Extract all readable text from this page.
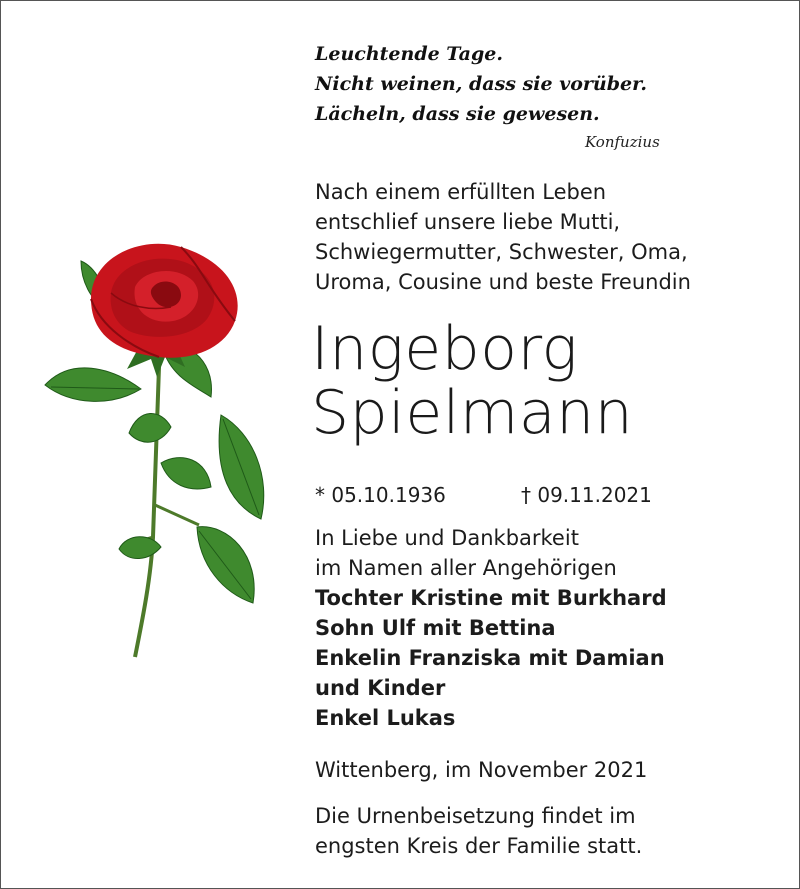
Leuchtende Tage.

Nicht weinen, dass sie vorüber.

Lächeln, dass sie gewesen.

Konfuzius

Nach einem erfüllten Leben

entschlief unsere liebe Mutti,

Schwiegermutter, Schwester, Oma,

Uroma, Cousine und beste Freundin

Ingeborg

Spielmann

* 05.10.1936	† 09.11.2021

In Liebe und Dankbarkeit

im Namen aller Angehörigen

Tochter Kristine mit Burkhard

Sohn Ulf mit Bettina

Enkelin Franziska mit Damian

und Kinder

Enkel Lukas

Wittenberg, im November 2021

Die Urnenbeisetzung findet im

engsten Kreis der Familie statt.
